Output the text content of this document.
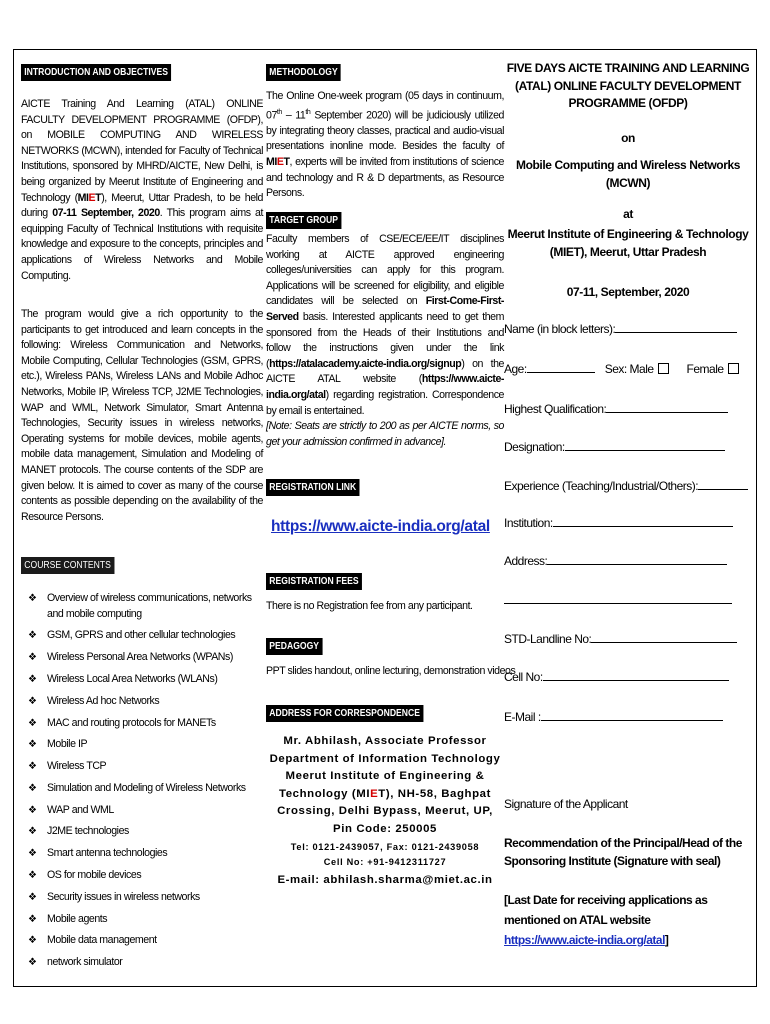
INTRODUCTION AND OBJECTIVES

AICTE Training And Learning (ATAL) ONLINE FACULTY DEVELOPMENT PROGRAMME (OFDP), on MOBILE COMPUTING AND WIRELESS NETWORKS (MCWN), intended for Faculty of Technical Institutions, sponsored by MHRD/AICTE, New Delhi, is being organized by Meerut Institute of Engineering and Technology (MIET), Meerut, Uttar Pradesh, to be held during 07-11 September, 2020. This program aims at equipping Faculty of Technical Institutions with requisite knowledge and exposure to the concepts, principles and applications of Wireless Networks and Mobile Computing.

The program would give a rich opportunity to the participants to get introduced and learn concepts in the following: Wireless Communication and Networks, Mobile Computing, Cellular Technologies (GSM, GPRS, etc.), Wireless PANs, Wireless LANs and Mobile Adhoc Networks, Mobile IP, Wireless TCP, J2ME Technologies, WAP and WML, Network Simulator, Smart Antenna Technologies, Security issues in wireless networks, Operating systems for mobile devices, mobile agents, mobile data management, Simulation and Modeling of MANET protocols. The course contents of the SDP are given below. It is aimed to cover as many of the course contents as possible depending on the availability of the Resource Persons.

COURSE CONTENTS
❖ Overview of wireless communications, networks and mobile computing
❖ GSM, GPRS and other cellular technologies
❖ Wireless Personal Area Networks (WPANs)
❖ Wireless Local Area Networks (WLANs)
❖ Wireless Ad hoc Networks
❖ MAC and routing protocols for MANETs
❖ Mobile IP
❖ Wireless TCP
❖ Simulation and Modeling of Wireless Networks
❖ WAP and WML
❖ J2ME technologies
❖ Smart antenna technologies
❖ OS for mobile devices
❖ Security issues in wireless networks
❖ Mobile agents
❖ Mobile data management
❖ network simulator
METHODOLOGY

The Online One-week program (05 days in continuum, 07th – 11th September 2020) will be judiciously utilized by integrating theory classes, practical and audio-visual presentations inonline mode. Besides the faculty of MIET, experts will be invited from institutions of science and technology and R & D departments, as Resource Persons.

TARGET GROUP

Faculty members of CSE/ECE/EE/IT disciplines working at AICTE approved engineering colleges/universities can apply for this program. Applications will be screened for eligibility, and eligible candidates will be selected on First-Come-First-Served basis. Interested applicants need to get them sponsored from the Heads of their Institutions and follow the instructions given under the link (https://atalacademy.aicte-india.org/signup) on the AICTE ATAL website (https://www.aicte-india.org/atal) regarding registration. Correspondence by email is entertained.
[Note: Seats are strictly to 200 as per AICTE norms, so get your admission confirmed in advance].

REGISTRATION LINK
https://www.aicte-india.org/atal
REGISTRATION FEES

There is no Registration fee from any participant.

PEDAGOGY

PPT slides handout, online lecturing, demonstration videos

ADDRESS FOR CORRESPONDENCE
Mr. Abhilash, Associate Professor
Department of Information Technology
Meerut Institute of Engineering &
Technology (MIET), NH-58, Baghpat
Crossing, Delhi Bypass, Meerut, UP,
Pin Code: 250005
Tel: 0121-2439057, Fax: 0121-2439058
Cell No: +91-9412311727
E-mail: abhilash.sharma@miet.ac.in
FIVE DAYS AICTE TRAINING AND LEARNING
(ATAL) ONLINE FACULTY DEVELOPMENT
PROGRAMME (OFDP)
on
Mobile Computing and Wireless Networks
(MCWN)
at
Meerut Institute of Engineering & Technology
(MIET), Meerut, Uttar Pradesh
07-11, September, 2020
Name (in block letters):
Age:	Sex: Male	Female
Highest Qualification:
Designation:
Experience (Teaching/Industrial/Others):
Institution:
Address:
STD-Landline No:
Cell No:
E-Mail :
Signature of the Applicant
Recommendation of the Principal/Head of the
Sponsoring Institute (Signature with seal)
[Last Date for receiving applications as mentioned on ATAL website https://www.aicte-india.org/atal]
